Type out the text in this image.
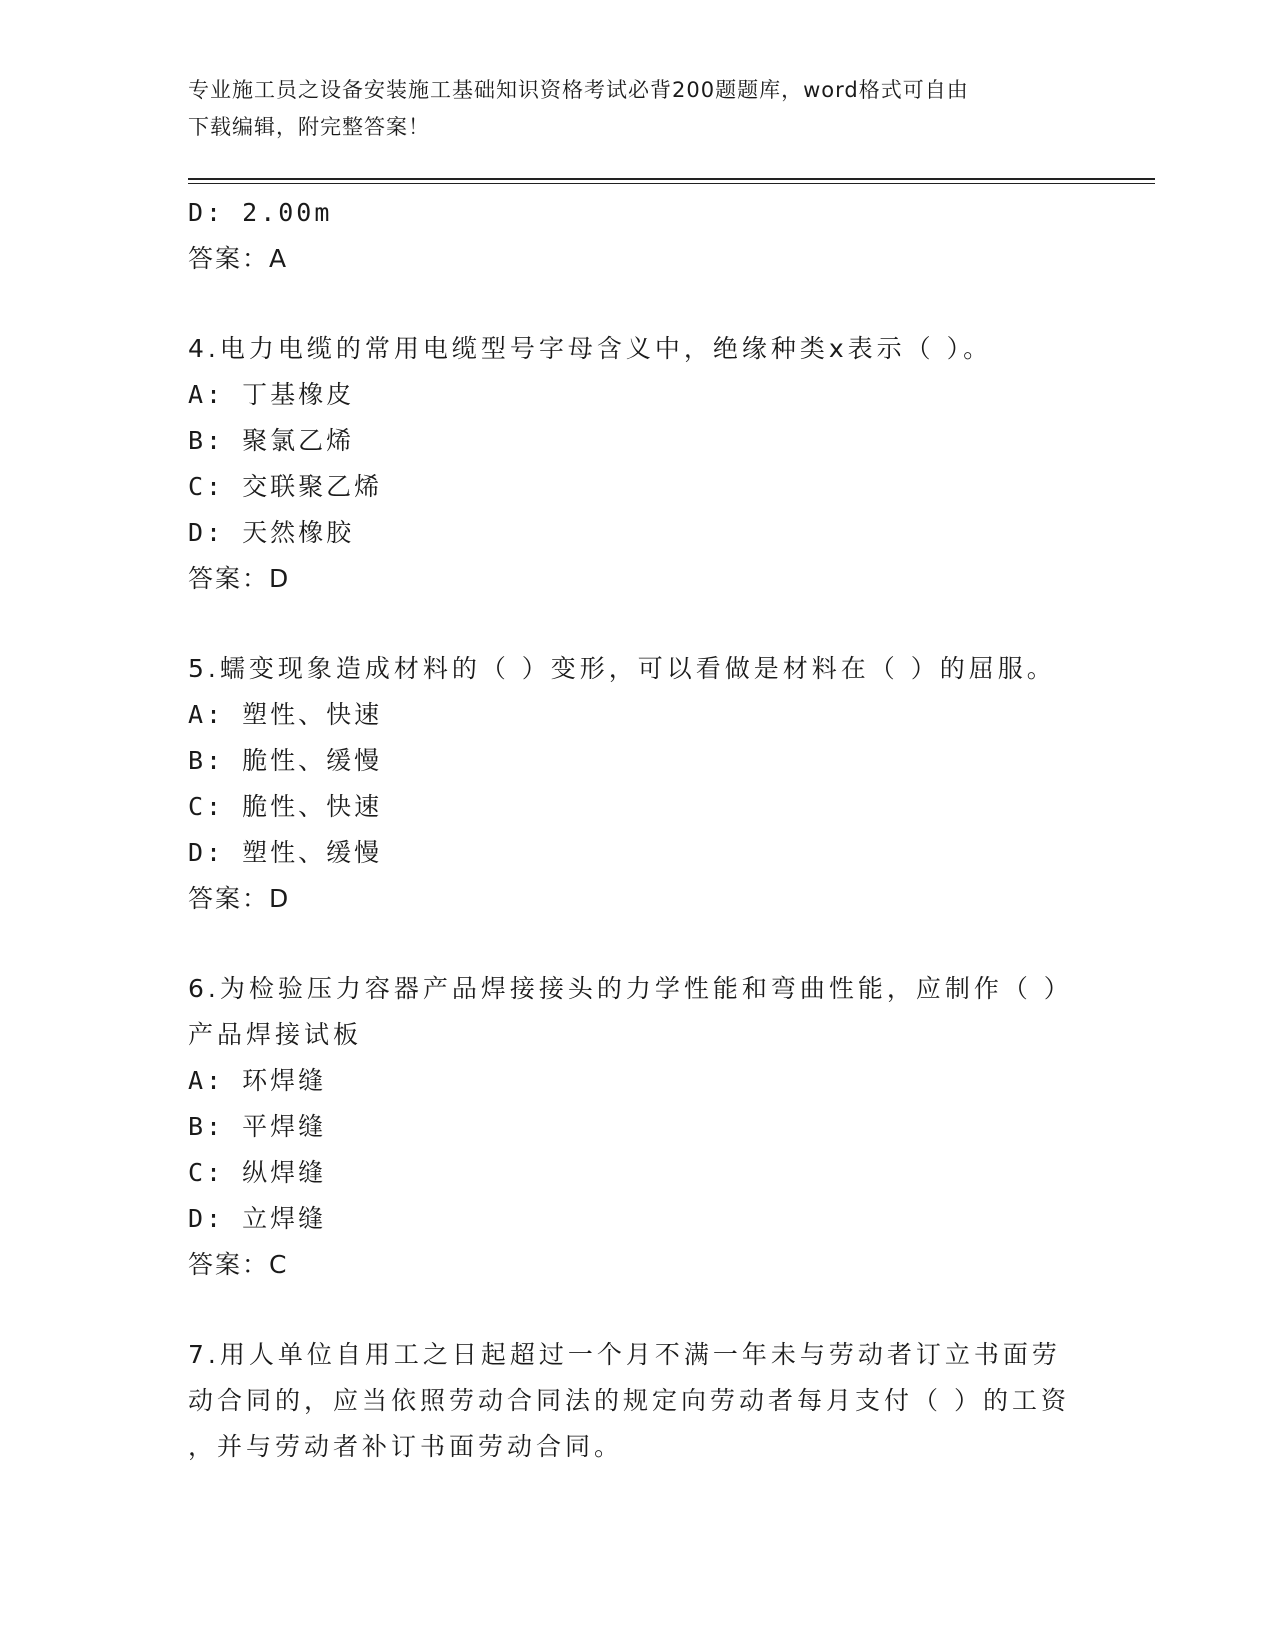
专业施工员之设备安装施工基础知识资格考试必背200题题库，word格式可自由
下载编辑，附完整答案！
D: 2.00m
答案：A
4.电力电缆的常用电缆型号字母含义中，绝缘种类x表示（ ）。
A: 丁基橡皮
B: 聚氯乙烯
C: 交联聚乙烯
D: 天然橡胶
答案：D
5.蠕变现象造成材料的（ ）变形，可以看做是材料在（ ）的屈服。
A: 塑性、快速
B: 脆性、缓慢
C: 脆性、快速
D: 塑性、缓慢
答案：D
6.为检验压力容器产品焊接接头的力学性能和弯曲性能，应制作（ ）
产品焊接试板
A: 环焊缝
B: 平焊缝
C: 纵焊缝
D: 立焊缝
答案：C
7.用人单位自用工之日起超过一个月不满一年未与劳动者订立书面劳
动合同的，应当依照劳动合同法的规定向劳动者每月支付（ ）的工资
，并与劳动者补订书面劳动合同。
